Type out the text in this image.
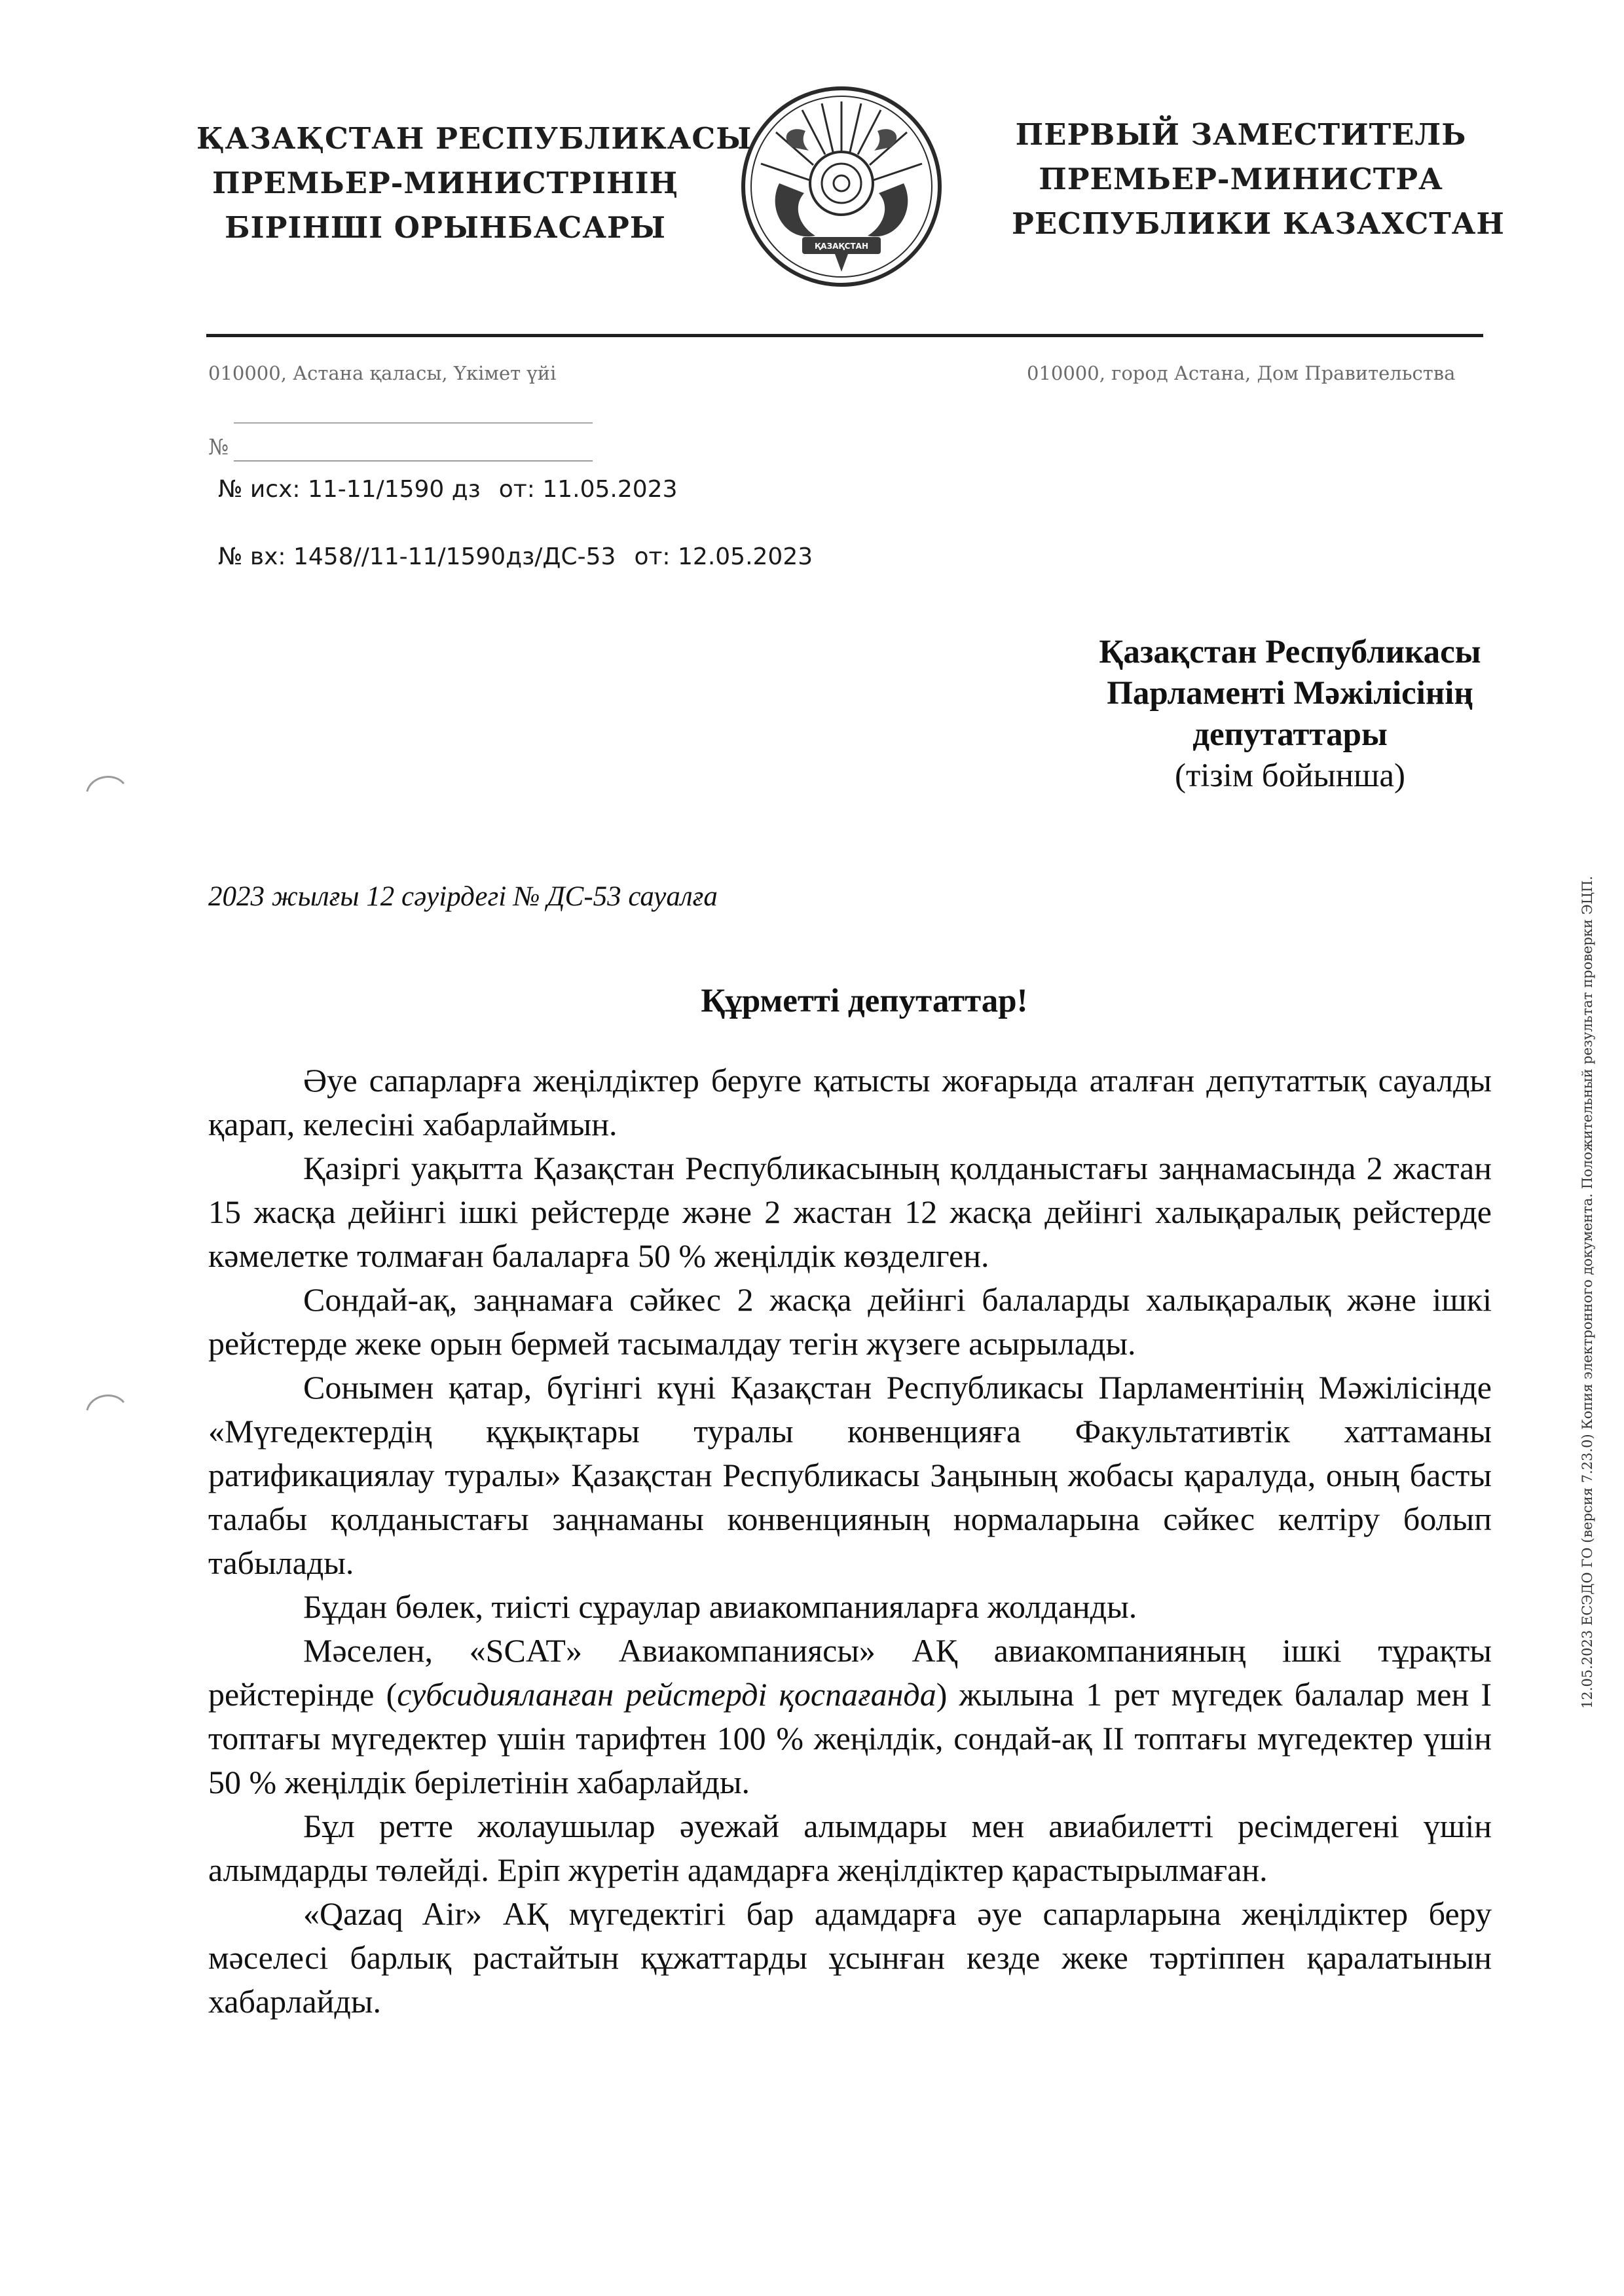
ҚАЗАҚСТАН РЕСПУБЛИКАСЫ
ПРЕМЬЕР-МИНИСТРІНІҢ
БІРІНШІ ОРЫНБАСАРЫ
ҚАЗАҚСТАН
ПЕРВЫЙ ЗАМЕСТИТЕЛЬ
ПРЕМЬЕР-МИНИСТРА
РЕСПУБЛИКИ КАЗАХСТАН
010000, Астана қаласы, Үкімет үйі	010000, город Астана, Дом Правительства
№
№ исх: 11-11/1590 дз от: 11.05.2023
№ вх: 1458//11-11/1590дз/ДС-53 от: 12.05.2023
Қазақстан Республикасы
Парламенті Мәжілісінің
депутаттары
(тізім бойынша)
2023 жылғы 12 сәуірдегі № ДС-53 сауалға
Құрметті депутаттар!

Әуе сапарларға жеңілдіктер беруге қатысты жоғарыда аталған депутаттық сауалды қарап, келесіні хабарлаймын.

Қазіргі уақытта Қазақстан Республикасының қолданыстағы заңнамасында 2 жастан 15 жасқа дейінгі ішкі рейстерде және 2 жастан 12 жасқа дейінгі халықаралық рейстерде кәмелетке толмаған балаларға 50 % жеңілдік көзделген.

Сондай-ақ, заңнамаға сәйкес 2 жасқа дейінгі балаларды халықаралық және ішкі рейстерде жеке орын бермей тасымалдау тегін жүзеге асырылады.

Сонымен қатар, бүгінгі күні Қазақстан Республикасы Парламентінің Мәжілісінде «Мүгедектердің құқықтары туралы конвенцияға Факультативтік хаттаманы ратификациялау туралы» Қазақстан Республикасы Заңының жобасы қаралуда, оның басты талабы қолданыстағы заңнаманы конвенцияның нормаларына сәйкес келтіру болып табылады.

Бұдан бөлек, тиісті сұраулар авиакомпанияларға жолданды.

Мәселен, «SCAT» Авиакомпаниясы» АҚ авиакомпанияның ішкі тұрақты рейстерінде (субсидияланған рейстерді қоспағанда) жылына 1 рет мүгедек балалар мен I топтағы мүгедектер үшін тарифтен 100 % жеңілдік, сондай-ақ II топтағы мүгедектер үшін 50 % жеңілдік берілетінін хабарлайды.

Бұл ретте жолаушылар әуежай алымдары мен авиабилетті ресімдегені үшін алымдарды төлейді. Еріп жүретін адамдарға жеңілдіктер қарастырылмаған.

«Qazaq Air» АҚ мүгедектігі бар адамдарға әуе сапарларына жеңілдіктер беру мәселесі барлық растайтын құжаттарды ұсынған кезде жеке тәртіппен қаралатынын хабарлайды.

12.05.2023 ЕСЭДО ГО (версия 7.23.0) Копия электронного документа. Положительный результат проверки ЭЦП.
